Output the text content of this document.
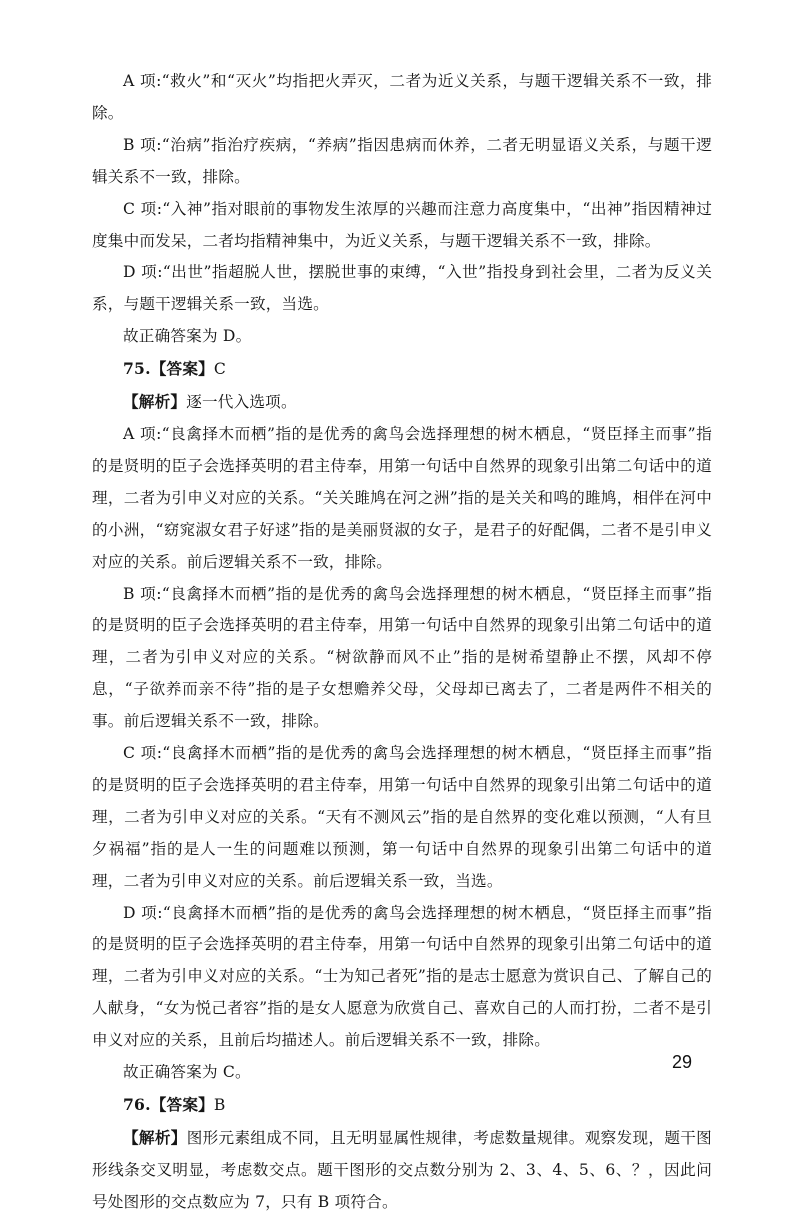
A 项:“救火”和“灭火”均指把火弄灭，二者为近义关系，与题干逻辑关系不一致，排除。

B 项:“治病”指治疗疾病，“养病”指因患病而休养，二者无明显语义关系，与题干逻辑关系不一致，排除。

C 项:“入神”指对眼前的事物发生浓厚的兴趣而注意力高度集中，“出神”指因精神过度集中而发呆，二者均指精神集中，为近义关系，与题干逻辑关系不一致，排除。

D 项:“出世”指超脱人世，摆脱世事的束缚，“入世”指投身到社会里，二者为反义关系，与题干逻辑关系一致，当选。

故正确答案为 D。

75.【答案】C

【解析】逐一代入选项。

A 项:“良禽择木而栖”指的是优秀的禽鸟会选择理想的树木栖息，“贤臣择主而事”指的是贤明的臣子会选择英明的君主侍奉，用第一句话中自然界的现象引出第二句话中的道理，二者为引申义对应的关系。“关关雎鸠在河之洲”指的是关关和鸣的雎鸠，相伴在河中的小洲，“窈窕淑女君子好逑”指的是美丽贤淑的女子，是君子的好配偶，二者不是引申义对应的关系。前后逻辑关系不一致，排除。

B 项:“良禽择木而栖”指的是优秀的禽鸟会选择理想的树木栖息，“贤臣择主而事”指的是贤明的臣子会选择英明的君主侍奉，用第一句话中自然界的现象引出第二句话中的道理，二者为引申义对应的关系。“树欲静而风不止”指的是树希望静止不摆，风却不停息，“子欲养而亲不待”指的是子女想赡养父母，父母却已离去了，二者是两件不相关的事。前后逻辑关系不一致，排除。

C 项:“良禽择木而栖”指的是优秀的禽鸟会选择理想的树木栖息，“贤臣择主而事”指的是贤明的臣子会选择英明的君主侍奉，用第一句话中自然界的现象引出第二句话中的道理，二者为引申义对应的关系。“天有不测风云”指的是自然界的变化难以预测，“人有旦夕祸福”指的是人一生的问题难以预测，第一句话中自然界的现象引出第二句话中的道理，二者为引申义对应的关系。前后逻辑关系一致，当选。

D 项:“良禽择木而栖”指的是优秀的禽鸟会选择理想的树木栖息，“贤臣择主而事”指的是贤明的臣子会选择英明的君主侍奉，用第一句话中自然界的现象引出第二句话中的道理，二者为引申义对应的关系。“士为知己者死”指的是志士愿意为赏识自己、了解自己的人献身，“女为悦己者容”指的是女人愿意为欣赏自己、喜欢自己的人而打扮，二者不是引申义对应的关系，且前后均描述人。前后逻辑关系不一致，排除。

故正确答案为 C。

76.【答案】B

【解析】图形元素组成不同，且无明显属性规律，考虑数量规律。观察发现，题干图形线条交叉明显，考虑数交点。题干图形的交点数分别为 2、3、4、5、6、？，因此问号处图形的交点数应为 7，只有 B 项符合。

29
